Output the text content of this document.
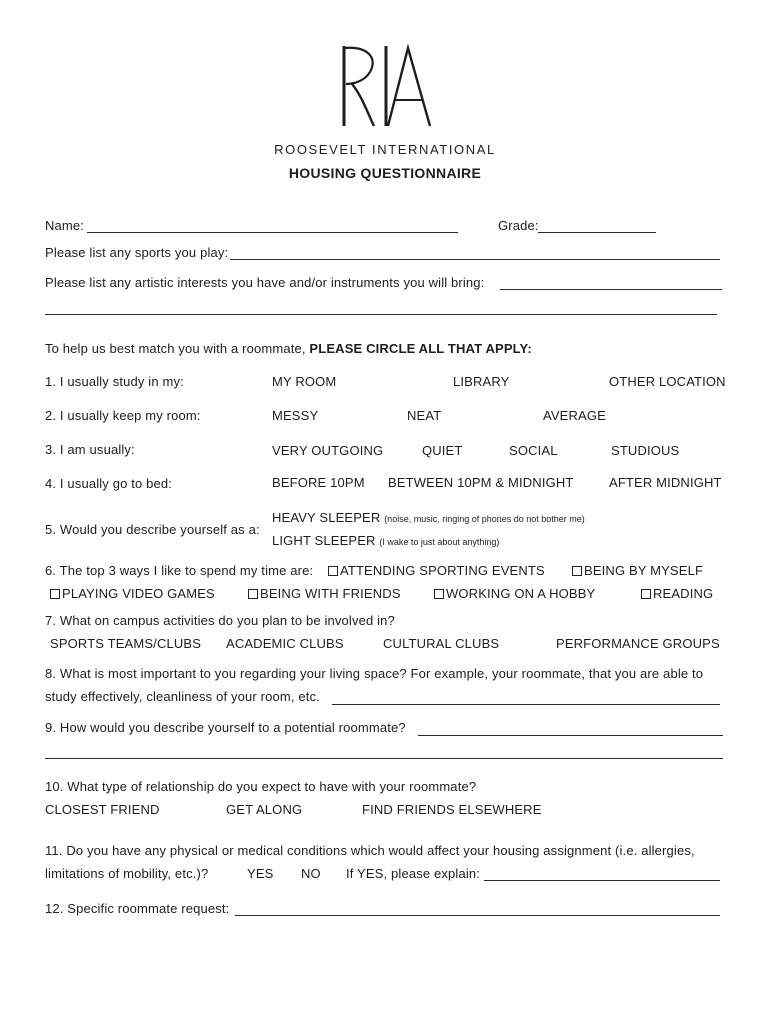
ROOSEVELT INTERNATIONAL
HOUSING QUESTIONNAIRE
Name:	Grade:
Please list any sports you play:
Please list any artistic interests you have and/or instruments you will bring:
To help us best match you with a roommate, PLEASE CIRCLE ALL THAT APPLY:
1. I usually study in my:	MY ROOM	LIBRARY	OTHER LOCATION
2. I usually keep my room:	MESSY	NEAT	AVERAGE
3. I am usually:	VERY OUTGOING	QUIET	SOCIAL	STUDIOUS
4. I usually go to bed:	BEFORE 10PM BETWEEN 10PM & MIDNIGHT	AFTER MIDNIGHT
5. Would you describe yourself as a:
HEAVY SLEEPER (noise, music, ringing of phones do not bother me)
LIGHT SLEEPER (I wake to just about anything)
6. The top 3 ways I like to spend my time are:	ATTENDING SPORTING EVENTS	BEING BY MYSELF
PLAYING VIDEO GAMES	BEING WITH FRIENDS	WORKING ON A HOBBY	READING
7. What on campus activities do you plan to be involved in?
SPORTS TEAMS/CLUBS ACADEMIC CLUBS	CULTURAL CLUBS	PERFORMANCE GROUPS
8. What is most important to you regarding your living space? For example, your roommate, that you are able to
study effectively, cleanliness of your room, etc.
9. How would you describe yourself to a potential roommate?
10. What type of relationship do you expect to have with your roommate?
CLOSEST FRIEND	GET ALONG	FIND FRIENDS ELSEWHERE
11. Do you have any physical or medical conditions which would affect your housing assignment (i.e. allergies,
limitations of mobility, etc.)?	YES NO If YES, please explain:
12. Specific roommate request:
